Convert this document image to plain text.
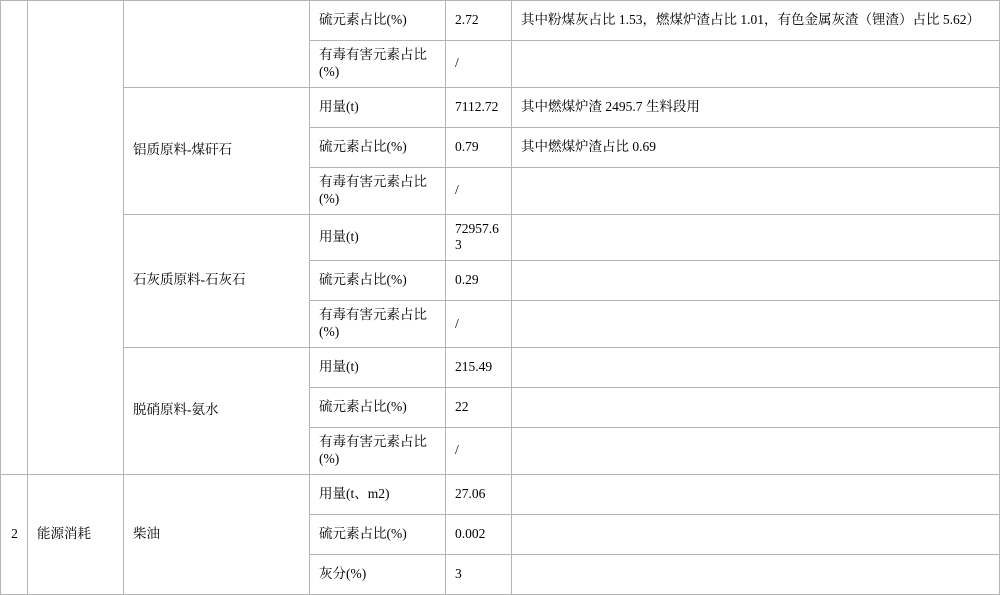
			硫元素占比(%)	2.72	其中粉煤灰占比 1.53，燃煤炉渣占比 1.01，有色金属灰渣（锂渣）占比 5.62）
			有毒有害元素占比(%)	/	
		铝质原料-煤矸石	用量(t)	7112.72	其中燃煤炉渣 2495.7 生料段用
			硫元素占比(%)	0.79	其中燃煤炉渣占比 0.69
			有毒有害元素占比(%)	/	
		石灰质原料-石灰石	用量(t)	72957.63	
			硫元素占比(%)	0.29	
			有毒有害元素占比(%)	/	
		脱硝原料-氨水	用量(t)	215.49	
			硫元素占比(%)	22	
			有毒有害元素占比(%)	/	
2	能源消耗	柴油	用量(t、m2)	27.06	
			硫元素占比(%)	0.002	
			灰分(%)	3	
